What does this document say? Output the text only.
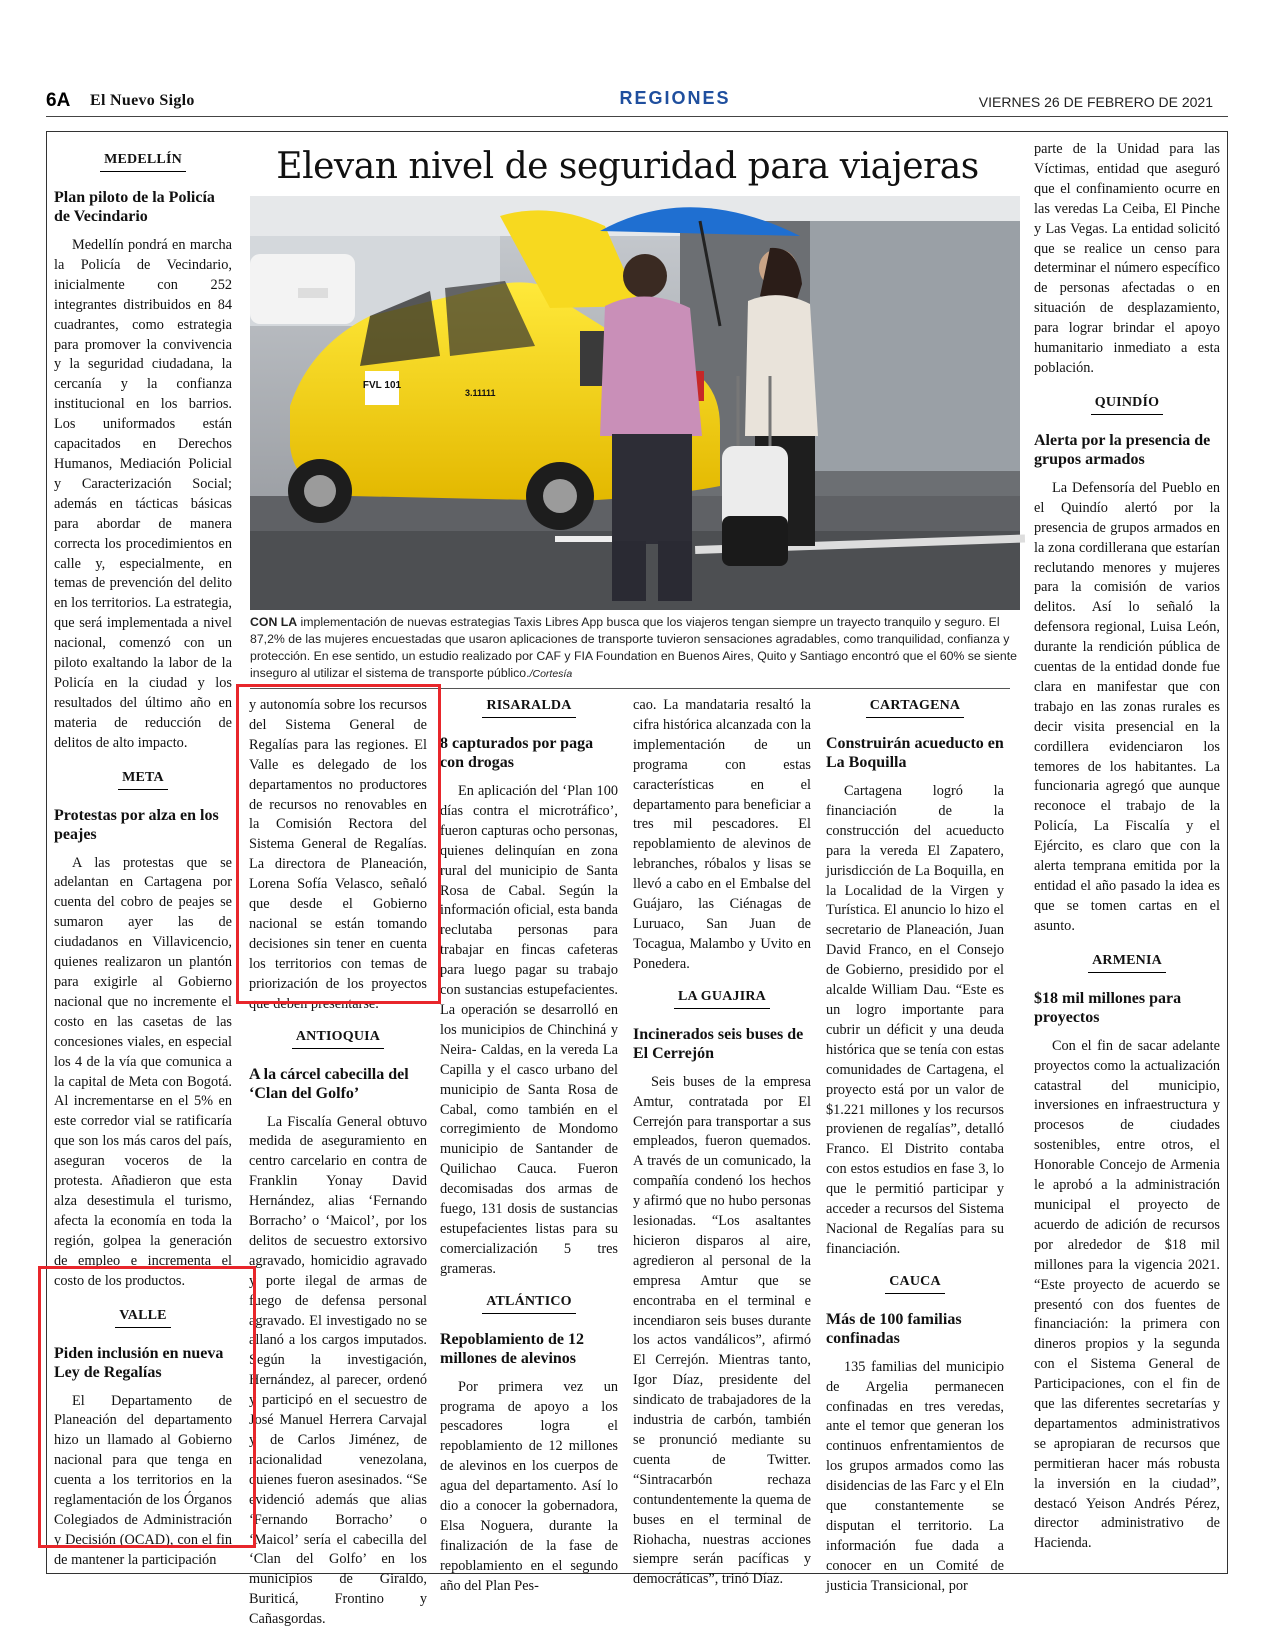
6A El Nuevo Siglo	REGIONES	VIERNES 26 DE FEBRERO DE 2021
MEDELLÍN
Plan piloto de la Policía de Vecindario

Medellín pondrá en marcha la Policía de Vecindario, inicialmente con 252 integrantes distribuidos en 84 cuadrantes, como estrategia para promover la convivencia y la seguridad ciudadana, la cercanía y la confianza institucional en los barrios. Los uniformados están capacitados en Derechos Humanos, Mediación Policial y Caracterización Social; además en tácticas básicas para abordar de manera correcta los procedimientos en calle y, especialmente, en temas de prevención del delito en los territorios. La estrategia, que será implementada a nivel nacional, comenzó con un piloto exaltando la labor de la Policía en la ciudad y los resultados del último año en materia de reducción de delitos de alto impacto.

META
Protestas por alza en los peajes

A las protestas que se adelantan en Cartagena por cuenta del cobro de peajes se sumaron ayer las de ciudadanos en Villavicencio, quienes realizaron un plantón para exigirle al Gobierno nacional que no incremente el costo en las casetas de las concesiones viales, en especial los 4 de la vía que comunica a la capital de Meta con Bogotá. Al incrementarse en el 5% en este corredor vial se ratificaría que son los más caros del país, aseguran voceros de la protesta. Añadieron que esta alza desestimula el turismo, afecta la economía en toda la región, golpea la generación de empleo e incrementa el costo de los productos.

VALLE
Piden inclusión en nueva Ley de Regalías

El Departamento de Planeación del departamento hizo un llamado al Gobierno nacional para que tenga en cuenta a los territorios en la reglamentación de los Órganos Colegiados de Administración y Decisión (OCAD), con el fin de mantener la participación

Elevan nivel de seguridad para viajeras
FVL 101
3.11111
CON LA implementación de nuevas estrategias Taxis Libres App busca que los viajeros tengan siempre un trayecto tranquilo y seguro. El 87,2% de las mujeres encuestadas que usaron aplicaciones de transporte tuvieron sensaciones agradables, como tranquilidad, confianza y protección. En ese sentido, un estudio realizado por CAF y FIA Foundation en Buenos Aires, Quito y Santiago encontró que el 60% se siente inseguro al utilizar el sistema de transporte público./Cortesía

y autonomía sobre los recursos del Sistema General de Regalías para las regiones. El Valle es delegado de los departamentos no productores de recursos no renovables en la Comisión Rectora del Sistema General de Regalías. La directora de Planeación, Lorena Sofía Velasco, señaló que desde el Gobierno nacional se están tomando decisiones sin tener en cuenta los territorios con temas de priorización de los proyectos que deben presentarse.

ANTIOQUIA
A la cárcel cabecilla del ‘Clan del Golfo’

La Fiscalía General obtuvo medida de aseguramiento en centro carcelario en contra de Franklin Yonay David Hernández, alias ‘Fernando Borracho’ o ‘Maicol’, por los delitos de secuestro extorsivo agravado, homicidio agravado y porte ilegal de armas de fuego de defensa personal agravado. El investigado no se allanó a los cargos imputados. Según la investigación, Hernández, al parecer, ordenó y participó en el secuestro de José Manuel Herrera Carvajal y de Carlos Jiménez, de nacionalidad venezolana, quienes fueron asesinados. “Se evidenció además que alias ‘Fernando Borracho’ o ‘Maicol’ sería el cabecilla del ‘Clan del Golfo’ en los municipios de Giraldo, Buriticá, Frontino y Cañasgordas.

RISARALDA
8 capturados por paga con drogas

En aplicación del ‘Plan 100 días contra el microtráfico’, fueron capturas ocho personas, quienes delinquían en zona rural del municipio de Santa Rosa de Cabal. Según la información oficial, esta banda reclutaba personas para trabajar en fincas cafeteras para luego pagar su trabajo con sustancias estupefacientes. La operación se desarrolló en los municipios de Chinchiná y Neira- Caldas, en la vereda La Capilla y el casco urbano del municipio de Santa Rosa de Cabal, como también en el corregimiento de Mondomo municipio de Santander de Quilichao Cauca. Fueron decomisadas dos armas de fuego, 131 dosis de sustancias estupefacientes listas para su comercialización 5 tres grameras.

ATLÁNTICO
Repoblamiento de 12 millones de alevinos

Por primera vez un programa de apoyo a los pescadores logra el repoblamiento de 12 millones de alevinos en los cuerpos de agua del departamento. Así lo dio a conocer la gobernadora, Elsa Noguera, durante la finalización de la fase de repoblamiento en el segundo año del Plan Pes-

cao. La mandataria resaltó la cifra histórica alcanzada con la implementación de un programa con estas características en el departamento para beneficiar a tres mil pescadores. El repoblamiento de alevinos de lebranches, róbalos y lisas se llevó a cabo en el Embalse del Guájaro, las Ciénagas de Luruaco, San Juan de Tocagua, Malambo y Uvito en Ponedera.

LA GUAJIRA
Incinerados seis buses de El Cerrejón

Seis buses de la empresa Amtur, contratada por El Cerrejón para transportar a sus empleados, fueron quemados. A través de un comunicado, la compañía condenó los hechos y afirmó que no hubo personas lesionadas. “Los asaltantes hicieron disparos al aire, agredieron al personal de la empresa Amtur que se encontraba en el terminal e incendiaron seis buses durante los actos vandálicos”, afirmó El Cerrejón. Mientras tanto, Igor Díaz, presidente del sindicato de trabajadores de la industria de carbón, también se pronunció mediante su cuenta de Twitter. “Sintracarbón rechaza contundentemente la quema de buses en el terminal de Riohacha, nuestras acciones siempre serán pacíficas y democráticas”, trinó Díaz.

CARTAGENA
Construirán acueducto en La Boquilla

Cartagena logró la financiación de la construcción del acueducto para la vereda El Zapatero, jurisdicción de La Boquilla, en la Localidad de la Virgen y Turística. El anuncio lo hizo el secretario de Planeación, Juan David Franco, en el Consejo de Gobierno, presidido por el alcalde William Dau. “Este es un logro importante para cubrir un déficit y una deuda histórica que se tenía con estas comunidades de Cartagena, el proyecto está por un valor de $1.221 millones y los recursos provienen de regalías”, detalló Franco. El Distrito contaba con estos estudios en fase 3, lo que le permitió participar y acceder a recursos del Sistema Nacional de Regalías para su financiación.

CAUCA
Más de 100 familias confinadas

135 familias del municipio de Argelia permanecen confinadas en tres veredas, ante el temor que generan los continuos enfrentamientos de los grupos armados como las disidencias de las Farc y el Eln que constantemente se disputan el territorio. La información fue dada a conocer en un Comité de justicia Transicional, por

parte de la Unidad para las Víctimas, entidad que aseguró que el confinamiento ocurre en las veredas La Ceiba, El Pinche y Las Vegas. La entidad solicitó que se realice un censo para determinar el número específico de personas afectadas o en situación de desplazamiento, para lograr brindar el apoyo humanitario inmediato a esta población.

QUINDÍO
Alerta por la presencia de grupos armados

La Defensoría del Pueblo en el Quindío alertó por la presencia de grupos armados en la zona cordillerana que estarían reclutando menores y mujeres para la comisión de varios delitos. Así lo señaló la defensora regional, Luisa León, durante la rendición pública de cuentas de la entidad donde fue clara en manifestar que con trabajo en las zonas rurales es decir visita presencial en la cordillera evidenciaron los temores de los habitantes. La funcionaria agregó que aunque reconoce el trabajo de la Policía, La Fiscalía y el Ejército, es claro que con la alerta temprana emitida por la entidad el año pasado la idea es que se tomen cartas en el asunto.

ARMENIA
$18 mil millones para proyectos

Con el fin de sacar adelante proyectos como la actualización catastral del municipio, inversiones en infraestructura y procesos de ciudades sostenibles, entre otros, el Honorable Concejo de Armenia le aprobó a la administración municipal el proyecto de acuerdo de adición de recursos por alrededor de $18 mil millones para la vigencia 2021. “Este proyecto de acuerdo se presentó con dos fuentes de financiación: la primera con dineros propios y la segunda con el Sistema General de Participaciones, con el fin de que las diferentes secretarías y departamentos administrativos se apropiaran de recursos que permitieran hacer más robusta la inversión en la ciudad”, destacó Yeison Andrés Pérez, director administrativo de Hacienda.
